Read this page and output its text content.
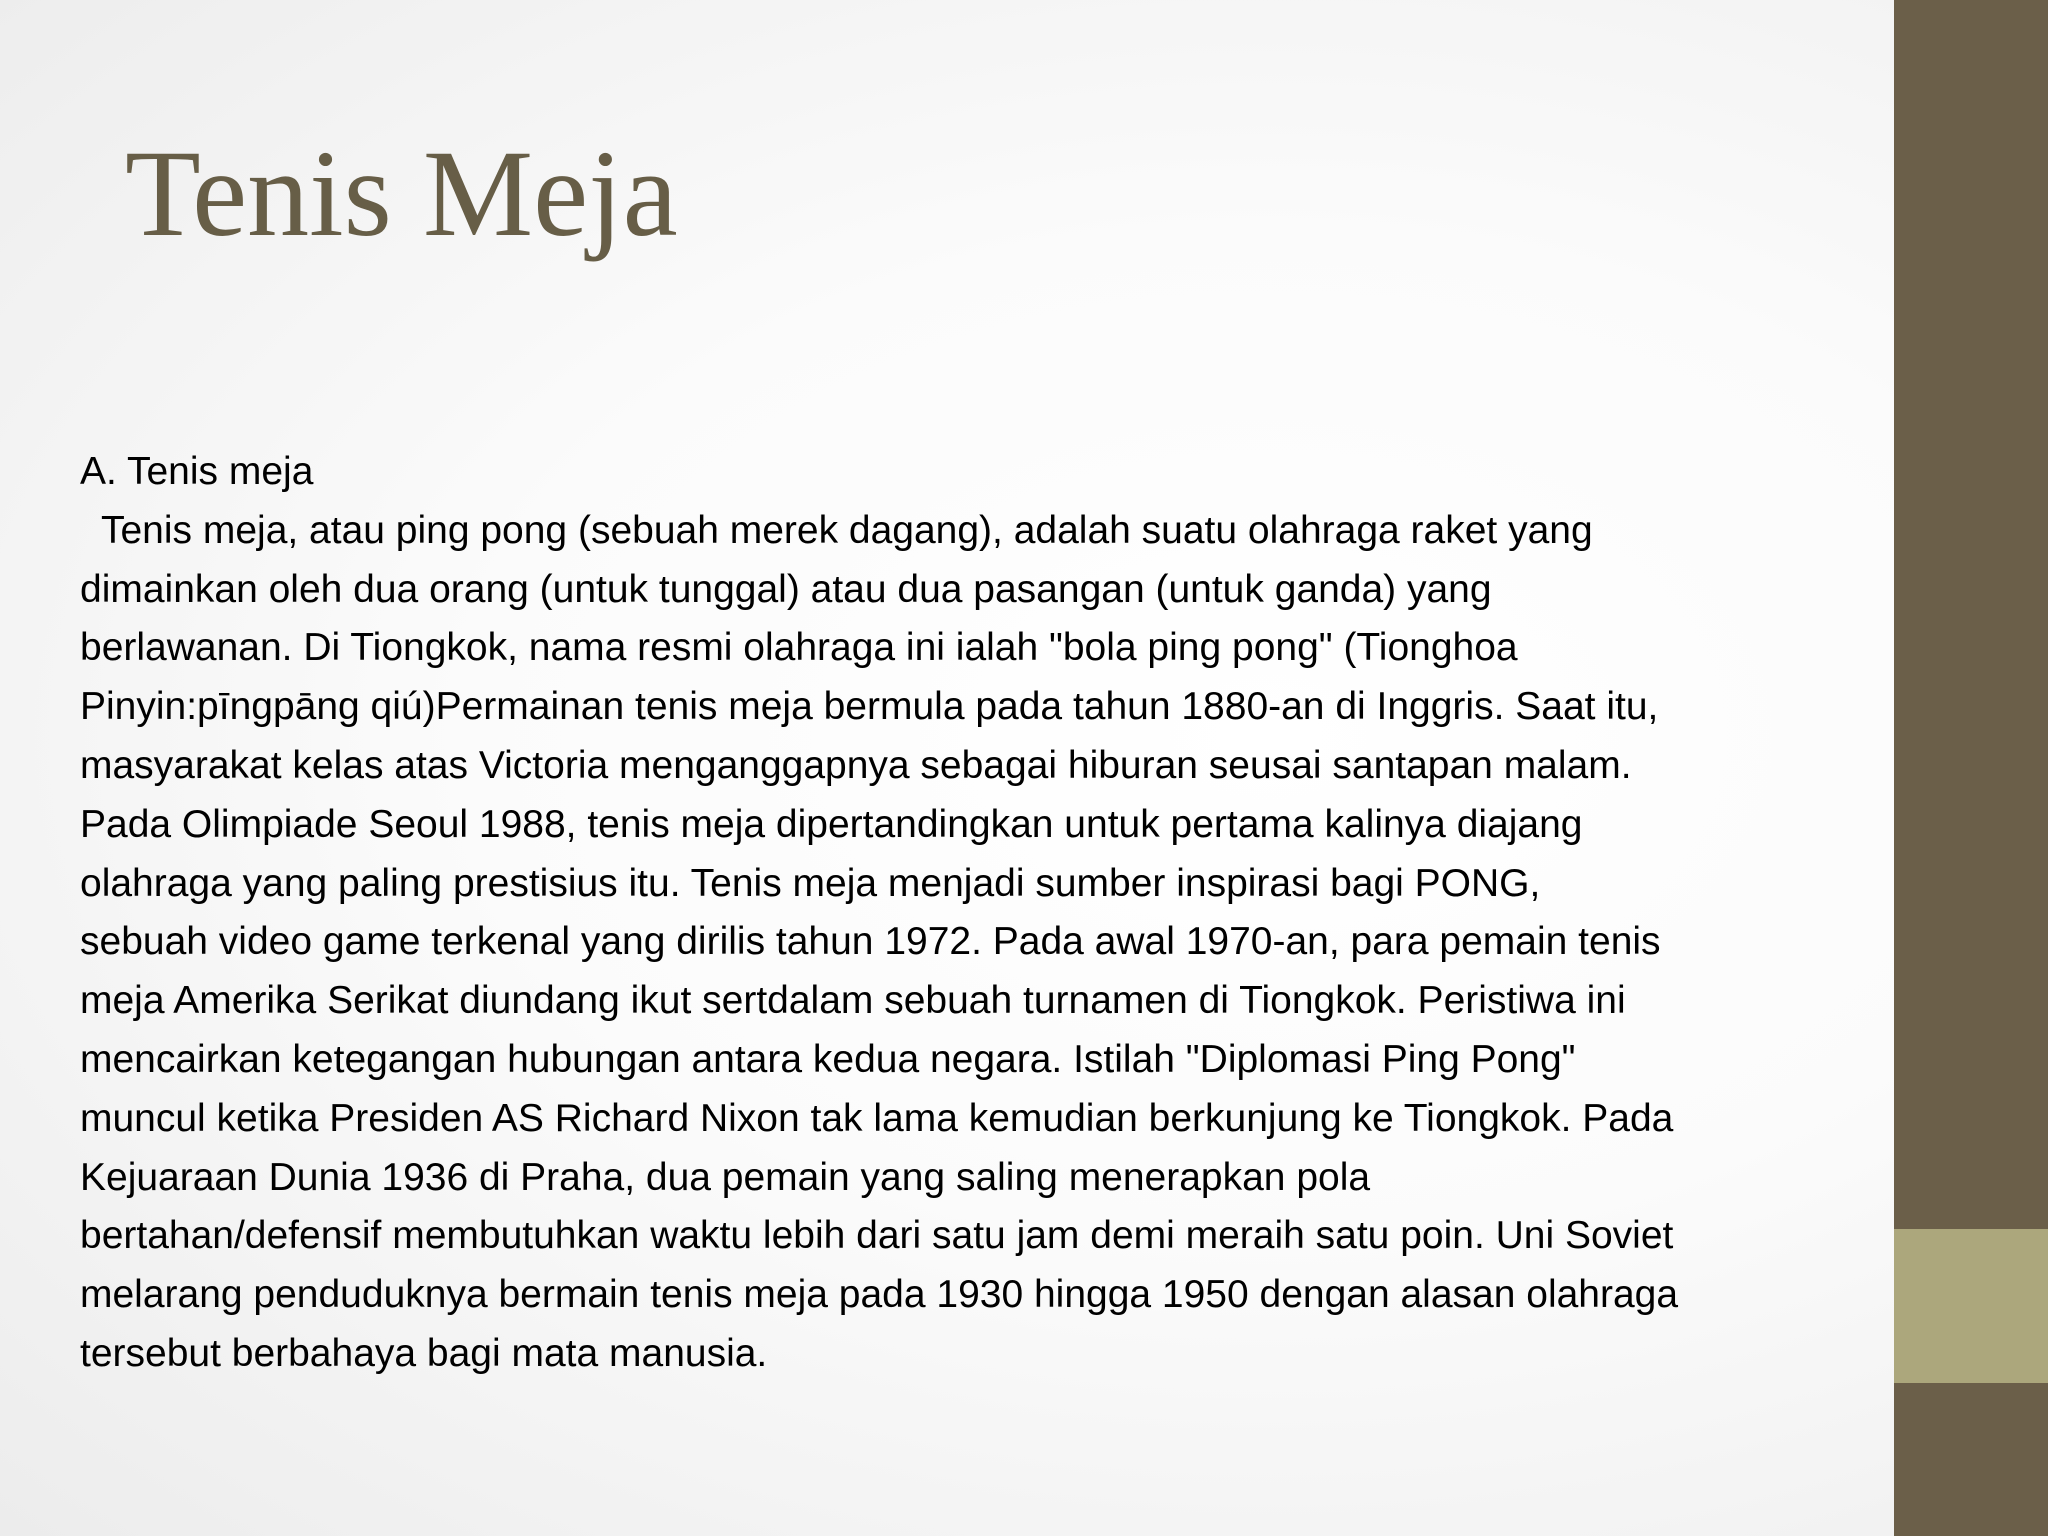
Tenis Meja
A. Tenis meja
Tenis meja, atau ping pong (sebuah merek dagang), adalah suatu olahraga raket yang
dimainkan oleh dua orang (untuk tunggal) atau dua pasangan (untuk ganda) yang
berlawanan. Di Tiongkok, nama resmi olahraga ini ialah "bola ping pong" (Tionghoa
Pinyin:pīngpāng qiú)Permainan tenis meja bermula pada tahun 1880-an di Inggris. Saat itu,
masyarakat kelas atas Victoria menganggapnya sebagai hiburan seusai santapan malam.
Pada Olimpiade Seoul 1988, tenis meja dipertandingkan untuk pertama kalinya diajang
olahraga yang paling prestisius itu. Tenis meja menjadi sumber inspirasi bagi PONG,
sebuah video game terkenal yang dirilis tahun 1972. Pada awal 1970-an, para pemain tenis
meja Amerika Serikat diundang ikut sertdalam sebuah turnamen di Tiongkok. Peristiwa ini
mencairkan ketegangan hubungan antara kedua negara. Istilah "Diplomasi Ping Pong"
muncul ketika Presiden AS Richard Nixon tak lama kemudian berkunjung ke Tiongkok. Pada
Kejuaraan Dunia 1936 di Praha, dua pemain yang saling menerapkan pola
bertahan/defensif membutuhkan waktu lebih dari satu jam demi meraih satu poin. Uni Soviet
melarang penduduknya bermain tenis meja pada 1930 hingga 1950 dengan alasan olahraga
tersebut berbahaya bagi mata manusia.
